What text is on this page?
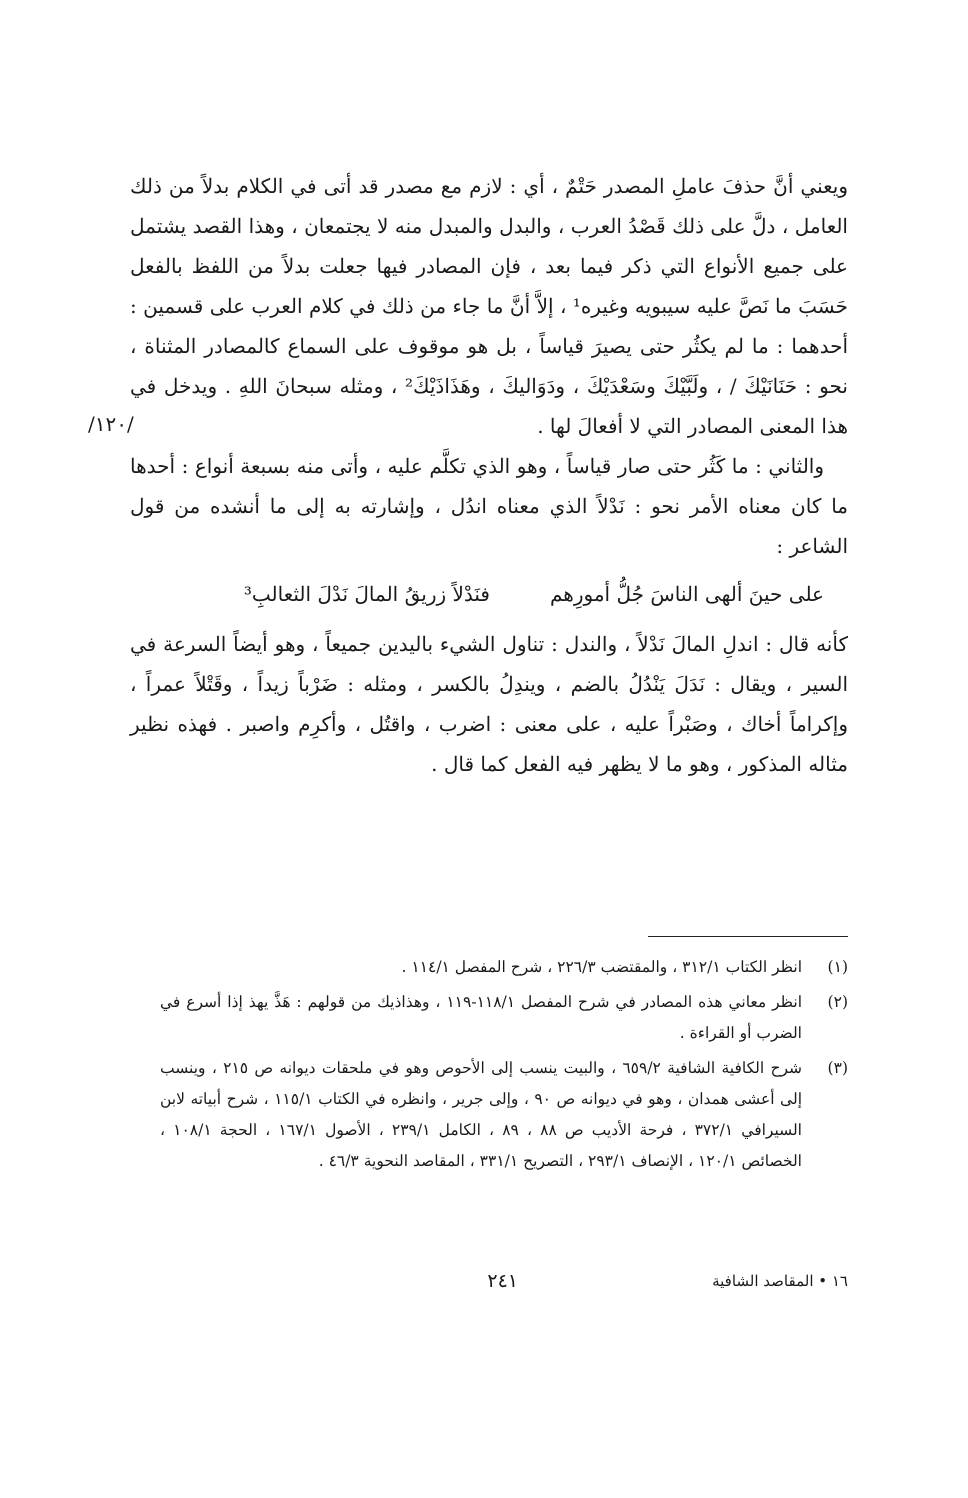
ويعني أنَّ حذفَ عاملِ المصدر حَتْمٌ ، أي : لازم مع مصدر قد أتى في الكلام بدلاً من ذلك العامل ، دلَّ على ذلك قَصْدُ العرب ، والبدل والمبدل منه لا يجتمعان ، وهذا القصد يشتمل على جميع الأنواع التي ذكر فيما بعد ، فإن المصادر فيها جعلت بدلاً من اللفظ بالفعل حَسَبَ ما نَصَّ عليه سيبويه وغيره¹ ، إلاَّ أنَّ ما جاء من ذلك في كلام العرب على قسمين : أحدهما : ما لم يكثُر حتى يصيرَ قياساً ، بل هو موقوف على السماع كالمصادر المثناة ، نحو : حَنَانَيْكَ / ، ولَبَّيْكَ وسَعْدَيْكَ ، ودَوَاليكَ ، وهَذَاذَيْكَ² ، ومثله سبحانَ اللهِ . ويدخل في هذا المعنى المصادر التي لا أفعالَ لها .

والثاني : ما كَثُر حتى صار قياساً ، وهو الذي تكلَّم عليه ، وأتى منه بسبعة أنواع : أحدها ما كان معناه الأمر نحو : نَدْلاً الذي معناه اندُل ، وإشارته به إلى ما أنشده من قول الشاعر :

على حينَ ألهى الناسَ جُلُّ أمورِهم
فنَدْلاً زريقُ المالَ نَدْلَ الثعالبِ³

كأنه قال : اندلِ المالَ نَدْلاً ، والندل : تناول الشيء باليدين جميعاً ، وهو أيضاً السرعة في السير ، ويقال : نَدَلَ يَنْدُلُ بالضم ، ويندِلُ بالكسر ، ومثله : ضَرْباً زيداً ، وقَتْلاً عمراً ، وإكراماً أخاك ، وصَبْراً عليه ، على معنى : اضرب ، واقتُل ، وأكرِم واصبر . فهذه نظير مثاله المذكور ، وهو ما لا يظهر فيه الفعل كما قال .

/١٢٠/
(١)
انظر الكتاب ٣١٢/١ ، والمقتضب ٢٢٦/٣ ، شرح المفصل ١١٤/١ .
(٢)
انظر معاني هذه المصادر في شرح المفصل ١١٨/١-١١٩ ، وهذاذيك من قولهم : هَذَّ يهذ إذا أسرع في الضرب أو القراءة .
(٣)
شرح الكافية الشافية ٦٥٩/٢ ، والبيت ينسب إلى الأحوص وهو في ملحقات ديوانه ص ٢١٥ ، وينسب إلى أعشى همدان ، وهو في ديوانه ص ٩٠ ، وإلى جرير ، وانظره في الكتاب ١١٥/١ ، شرح أبياته لابن السيرافي ٣٧٢/١ ، فرحة الأديب ص ٨٨ ، ٨٩ ، الكامل ٢٣٩/١ ، الأصول ١٦٧/١ ، الحجة ١٠٨/١ ، الخصائص ١٢٠/١ ، الإنصاف ٢٩٣/١ ، التصريح ٣٣١/١ ، المقاصد النحوية ٤٦/٣ .
١٦ • المقاصد الشافية
٢٤١
